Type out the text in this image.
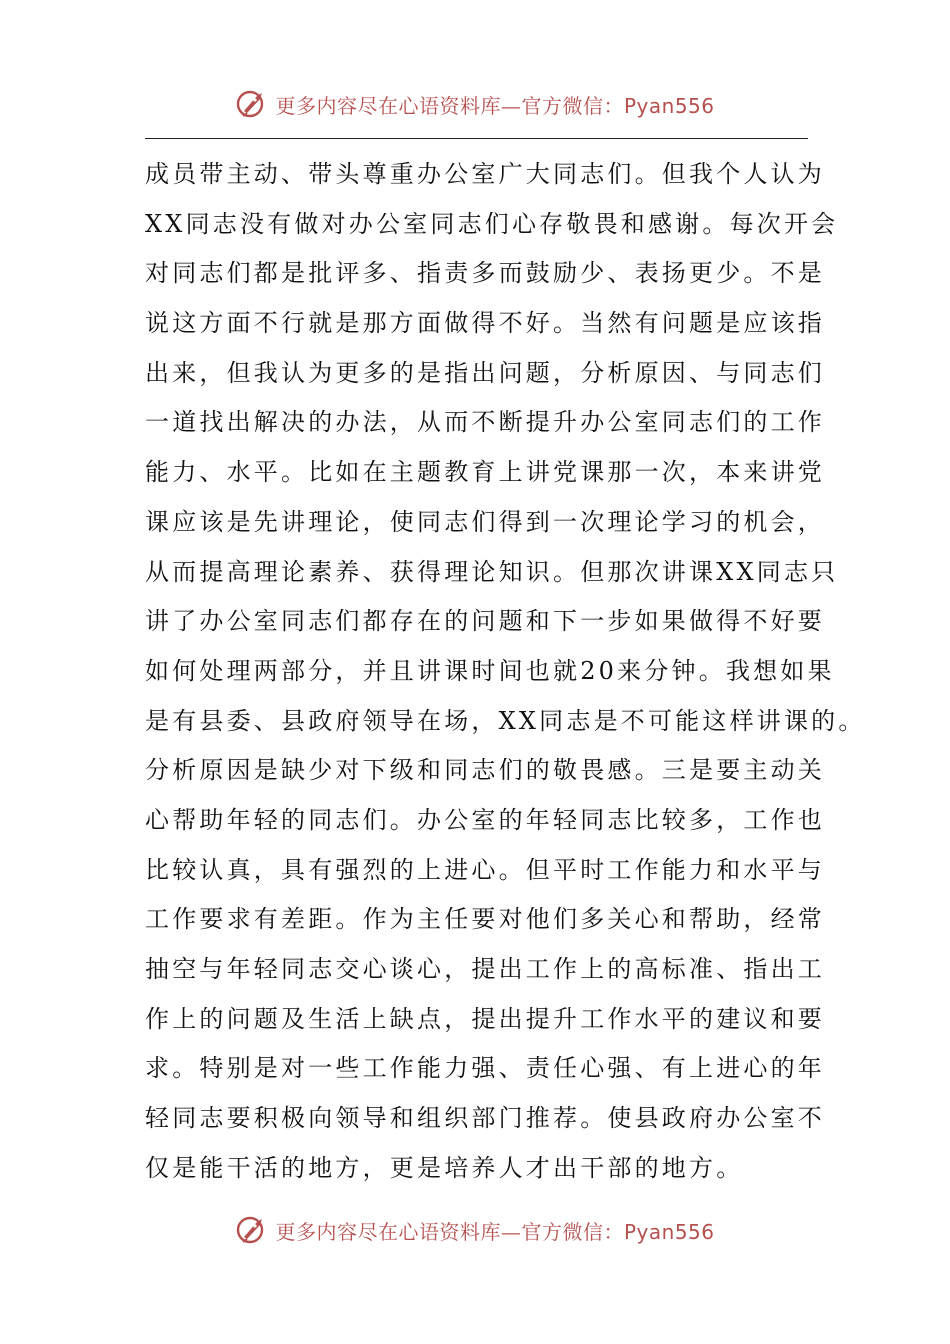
更多内容尽在心语资料库—官方微信：Pyan556
成员带主动、带头尊重办公室广大同志们。但我个人认为
XX同志没有做对办公室同志们心存敬畏和感谢。每次开会
对同志们都是批评多、指责多而鼓励少、表扬更少。不是
说这方面不行就是那方面做得不好。当然有问题是应该指
出来，但我认为更多的是指出问题，分析原因、与同志们
一道找出解决的办法，从而不断提升办公室同志们的工作
能力、水平。比如在主题教育上讲党课那一次，本来讲党
课应该是先讲理论，使同志们得到一次理论学习的机会，
从而提高理论素养、获得理论知识。但那次讲课XX同志只
讲了办公室同志们都存在的问题和下一步如果做得不好要
如何处理两部分，并且讲课时间也就20来分钟。我想如果
是有县委、县政府领导在场，XX同志是不可能这样讲课的。
分析原因是缺少对下级和同志们的敬畏感。三是要主动关
心帮助年轻的同志们。办公室的年轻同志比较多，工作也
比较认真，具有强烈的上进心。但平时工作能力和水平与
工作要求有差距。作为主任要对他们多关心和帮助，经常
抽空与年轻同志交心谈心，提出工作上的高标准、指出工
作上的问题及生活上缺点，提出提升工作水平的建议和要
求。特别是对一些工作能力强、责任心强、有上进心的年
轻同志要积极向领导和组织部门推荐。使县政府办公室不
仅是能干活的地方，更是培养人才出干部的地方。
更多内容尽在心语资料库—官方微信：Pyan556
